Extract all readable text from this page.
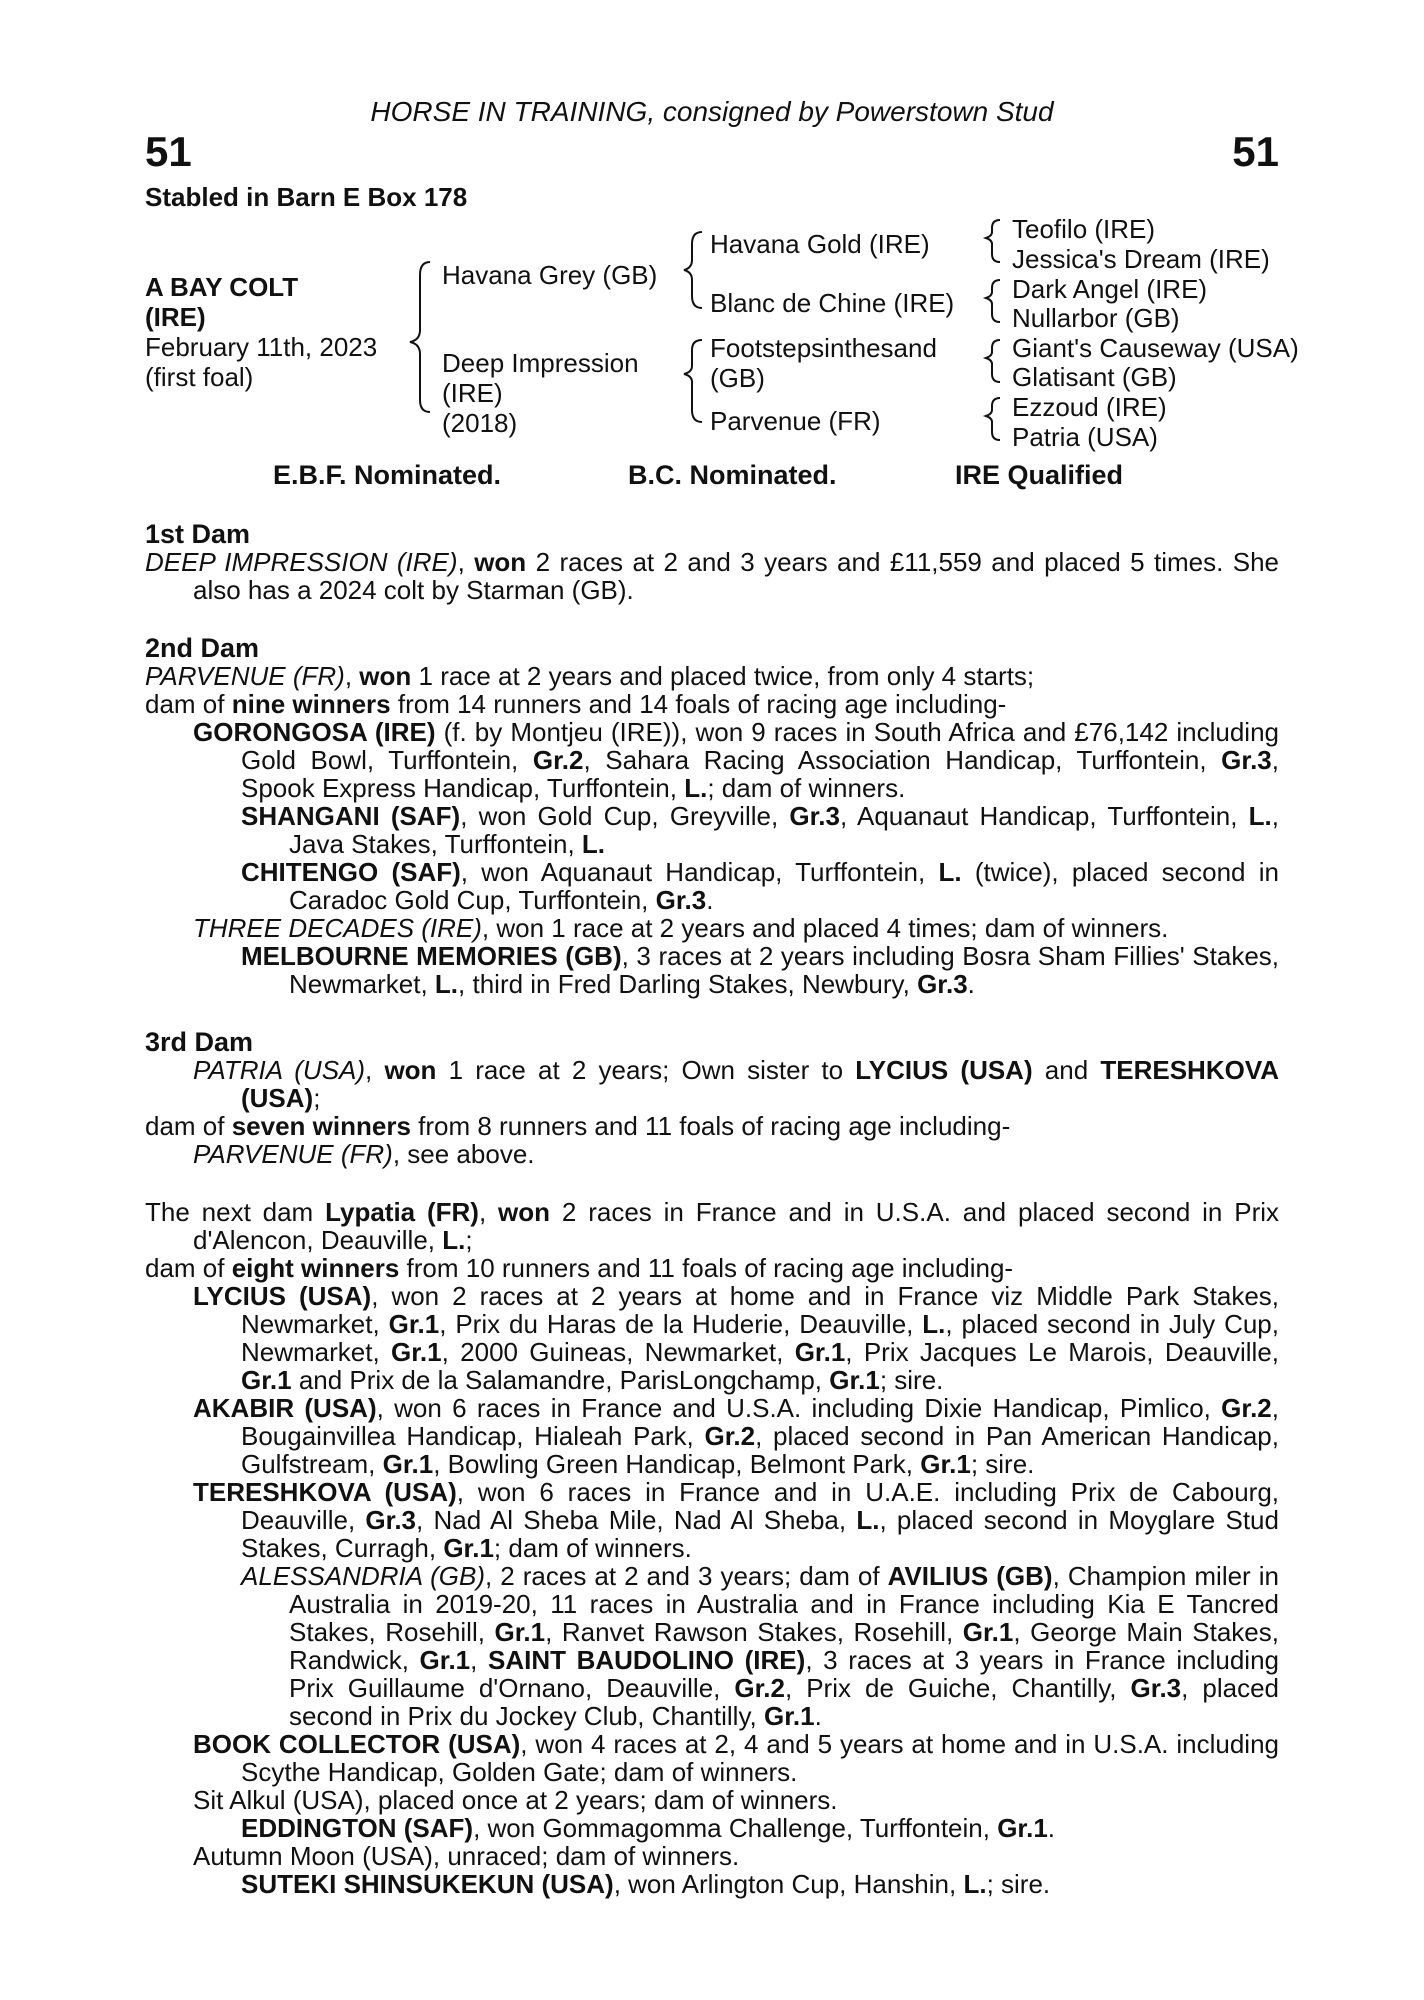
HORSE IN TRAINING, consigned by Powerstown Stud
51	51
Stabled in Barn E Box 178
A BAY COLT
(IRE)
February 11th, 2023
(first foal)
Havana Grey (GB)
Deep Impression
(IRE)
(2018)
Havana Gold (IRE)
Blanc de Chine (IRE)
Footstepsinthesand
(GB)
Parvenue (FR)
Teofilo (IRE)
Jessica's Dream (IRE)
Dark Angel (IRE)
Nullarbor (GB)
Giant's Causeway (USA)
Glatisant (GB)
Ezzoud (IRE)
Patria (USA)
E.B.F. Nominated.	B.C. Nominated.	IRE Qualified

1st Dam

DEEP IMPRESSION (IRE), won 2 races at 2 and 3 years and £11,559 and placed 5 times. She also has a 2024 colt by Starman (GB).

2nd Dam

PARVENUE (FR), won 1 race at 2 years and placed twice, from only 4 starts;

dam of nine winners from 14 runners and 14 foals of racing age including-

GORONGOSA (IRE) (f. by Montjeu (IRE)), won 9 races in South Africa and £76,142 including Gold Bowl, Turffontein, Gr.2, Sahara Racing Association Handicap, Turffontein, Gr.3, Spook Express Handicap, Turffontein, L.; dam of winners.

SHANGANI (SAF), won Gold Cup, Greyville, Gr.3, Aquanaut Handicap, Turffontein, L., Java Stakes, Turffontein, L.

CHITENGO (SAF), won Aquanaut Handicap, Turffontein, L. (twice), placed second in Caradoc Gold Cup, Turffontein, Gr.3.

THREE DECADES (IRE), won 1 race at 2 years and placed 4 times; dam of winners.

MELBOURNE MEMORIES (GB), 3 races at 2 years including Bosra Sham Fillies' Stakes, Newmarket, L., third in Fred Darling Stakes, Newbury, Gr.3.

3rd Dam

PATRIA (USA), won 1 race at 2 years; Own sister to LYCIUS (USA) and TERESHKOVA (USA);

dam of seven winners from 8 runners and 11 foals of racing age including-

PARVENUE (FR), see above.

The next dam Lypatia (FR), won 2 races in France and in U.S.A. and placed second in Prix d'Alencon, Deauville, L.;

dam of eight winners from 10 runners and 11 foals of racing age including-

LYCIUS (USA), won 2 races at 2 years at home and in France viz Middle Park Stakes, Newmarket, Gr.1, Prix du Haras de la Huderie, Deauville, L., placed second in July Cup, Newmarket, Gr.1, 2000 Guineas, Newmarket, Gr.1, Prix Jacques Le Marois, Deauville, Gr.1 and Prix de la Salamandre, ParisLongchamp, Gr.1; sire.

AKABIR (USA), won 6 races in France and U.S.A. including Dixie Handicap, Pimlico, Gr.2, Bougainvillea Handicap, Hialeah Park, Gr.2, placed second in Pan American Handicap, Gulfstream, Gr.1, Bowling Green Handicap, Belmont Park, Gr.1; sire.

TERESHKOVA (USA), won 6 races in France and in U.A.E. including Prix de Cabourg, Deauville, Gr.3, Nad Al Sheba Mile, Nad Al Sheba, L., placed second in Moyglare Stud Stakes, Curragh, Gr.1; dam of winners.

ALESSANDRIA (GB), 2 races at 2 and 3 years; dam of AVILIUS (GB), Champion miler in Australia in 2019-20, 11 races in Australia and in France including Kia E Tancred Stakes, Rosehill, Gr.1, Ranvet Rawson Stakes, Rosehill, Gr.1, George Main Stakes, Randwick, Gr.1, SAINT BAUDOLINO (IRE), 3 races at 3 years in France including Prix Guillaume d'Ornano, Deauville, Gr.2, Prix de Guiche, Chantilly, Gr.3, placed second in Prix du Jockey Club, Chantilly, Gr.1.

BOOK COLLECTOR (USA), won 4 races at 2, 4 and 5 years at home and in U.S.A. including Scythe Handicap, Golden Gate; dam of winners.

Sit Alkul (USA), placed once at 2 years; dam of winners.

EDDINGTON (SAF), won Gommagomma Challenge, Turffontein, Gr.1.

Autumn Moon (USA), unraced; dam of winners.

SUTEKI SHINSUKEKUN (USA), won Arlington Cup, Hanshin, L.; sire.
